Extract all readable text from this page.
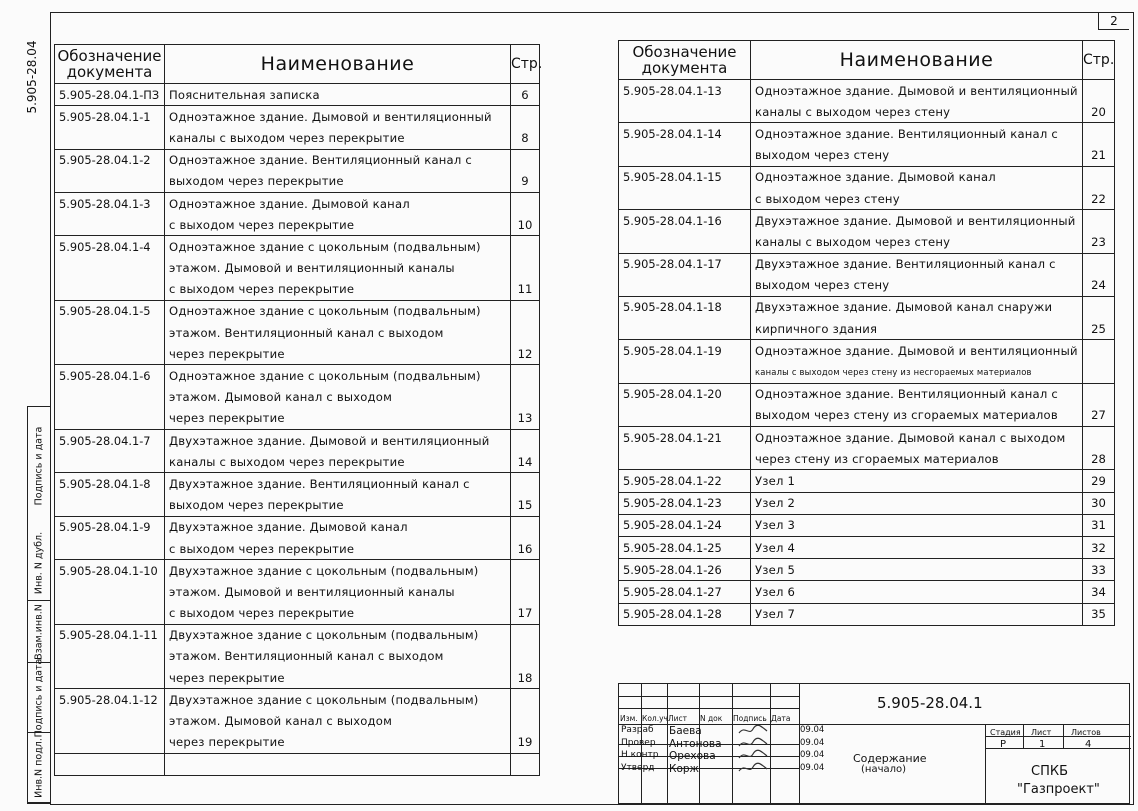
2
5.905-28.04
Инв.N подл.
Подпись и дата
Взам.инв.N
Инв. N дубл.
Подпись и дата
Обозначение документа	Наименование	Стр.

5.905-28.04.1-ПЗ	Пояснительная записка	6
5.905-28.04.1-1	Одноэтажное здание. Дымовой и вентиляционный	
	каналы с выходом через перекрытие	8
5.905-28.04.1-2	Одноэтажное здание. Вентиляционный канал с	
	выходом через перекрытие	9
5.905-28.04.1-3	Одноэтажное здание. Дымовой канал	
	с выходом через перекрытие	10
5.905-28.04.1-4	Одноэтажное здание с цокольным (подвальным)	
	этажом. Дымовой и вентиляционный каналы	
	с выходом через перекрытие	11
5.905-28.04.1-5	Одноэтажное здание с цокольным (подвальным)	
	этажом. Вентиляционный канал с выходом	
	через перекрытие	12
5.905-28.04.1-6	Одноэтажное здание с цокольным (подвальным)	
	этажом. Дымовой канал с выходом	
	через перекрытие	13
5.905-28.04.1-7	Двухэтажное здание. Дымовой и вентиляционный	
	каналы с выходом через перекрытие	14
5.905-28.04.1-8	Двухэтажное здание. Вентиляционный канал с	
	выходом через перекрытие	15
5.905-28.04.1-9	Двухэтажное здание. Дымовой канал	
	с выходом через перекрытие	16
5.905-28.04.1-10	Двухэтажное здание с цокольным (подвальным)	
	этажом. Дымовой и вентиляционный каналы	
	с выходом через перекрытие	17
5.905-28.04.1-11	Двухэтажное здание с цокольным (подвальным)	
	этажом. Вентиляционный канал с выходом	
	через перекрытие	18
5.905-28.04.1-12	Двухэтажное здание с цокольным (подвальным)	
	этажом. Дымовой канал с выходом	
	через перекрытие	19

Обозначение документа	Наименование	Стр.

5.905-28.04.1-13	Одноэтажное здание. Дымовой и вентиляционный	
	каналы с выходом через стену	20
5.905-28.04.1-14	Одноэтажное здание. Вентиляционный канал с	
	выходом через стену	21
5.905-28.04.1-15	Одноэтажное здание. Дымовой канал	
	с выходом через стену	22
5.905-28.04.1-16	Двухэтажное здание. Дымовой и вентиляционный	
	каналы с выходом через стену	23
5.905-28.04.1-17	Двухэтажное здание. Вентиляционный канал с	
	выходом через стену	24
5.905-28.04.1-18	Двухэтажное здание. Дымовой канал снаружи	
	кирпичного здания	25
5.905-28.04.1-19	Одноэтажное здание. Дымовой и вентиляционный	
	каналы с выходом через стену из несгораемых материалов	
5.905-28.04.1-20	Одноэтажное здание. Вентиляционный канал с	
	выходом через стену из сгораемых материалов	27
5.905-28.04.1-21	Одноэтажное здание. Дымовой канал с выходом	
	через стену из сгораемых материалов	28
5.905-28.04.1-22	Узел 1	29
5.905-28.04.1-23	Узел 2	30
5.905-28.04.1-24	Узел 3	31
5.905-28.04.1-25	Узел 4	32
5.905-28.04.1-26	Узел 5	33
5.905-28.04.1-27	Узел 6	34
5.905-28.04.1-28	Узел 7	35
5.905-28.04.1
Содержание
(начало)
Стадия Лист Листов
Р	1	4
СПКБ
"Газпроект"
Изм. Кол.уч.
Лист N док Подпись Дата
Разраб Баева	09.04
Провер Антонова	09.04
Н.контр Орехова	09.04
Утверд Корж	09.04
